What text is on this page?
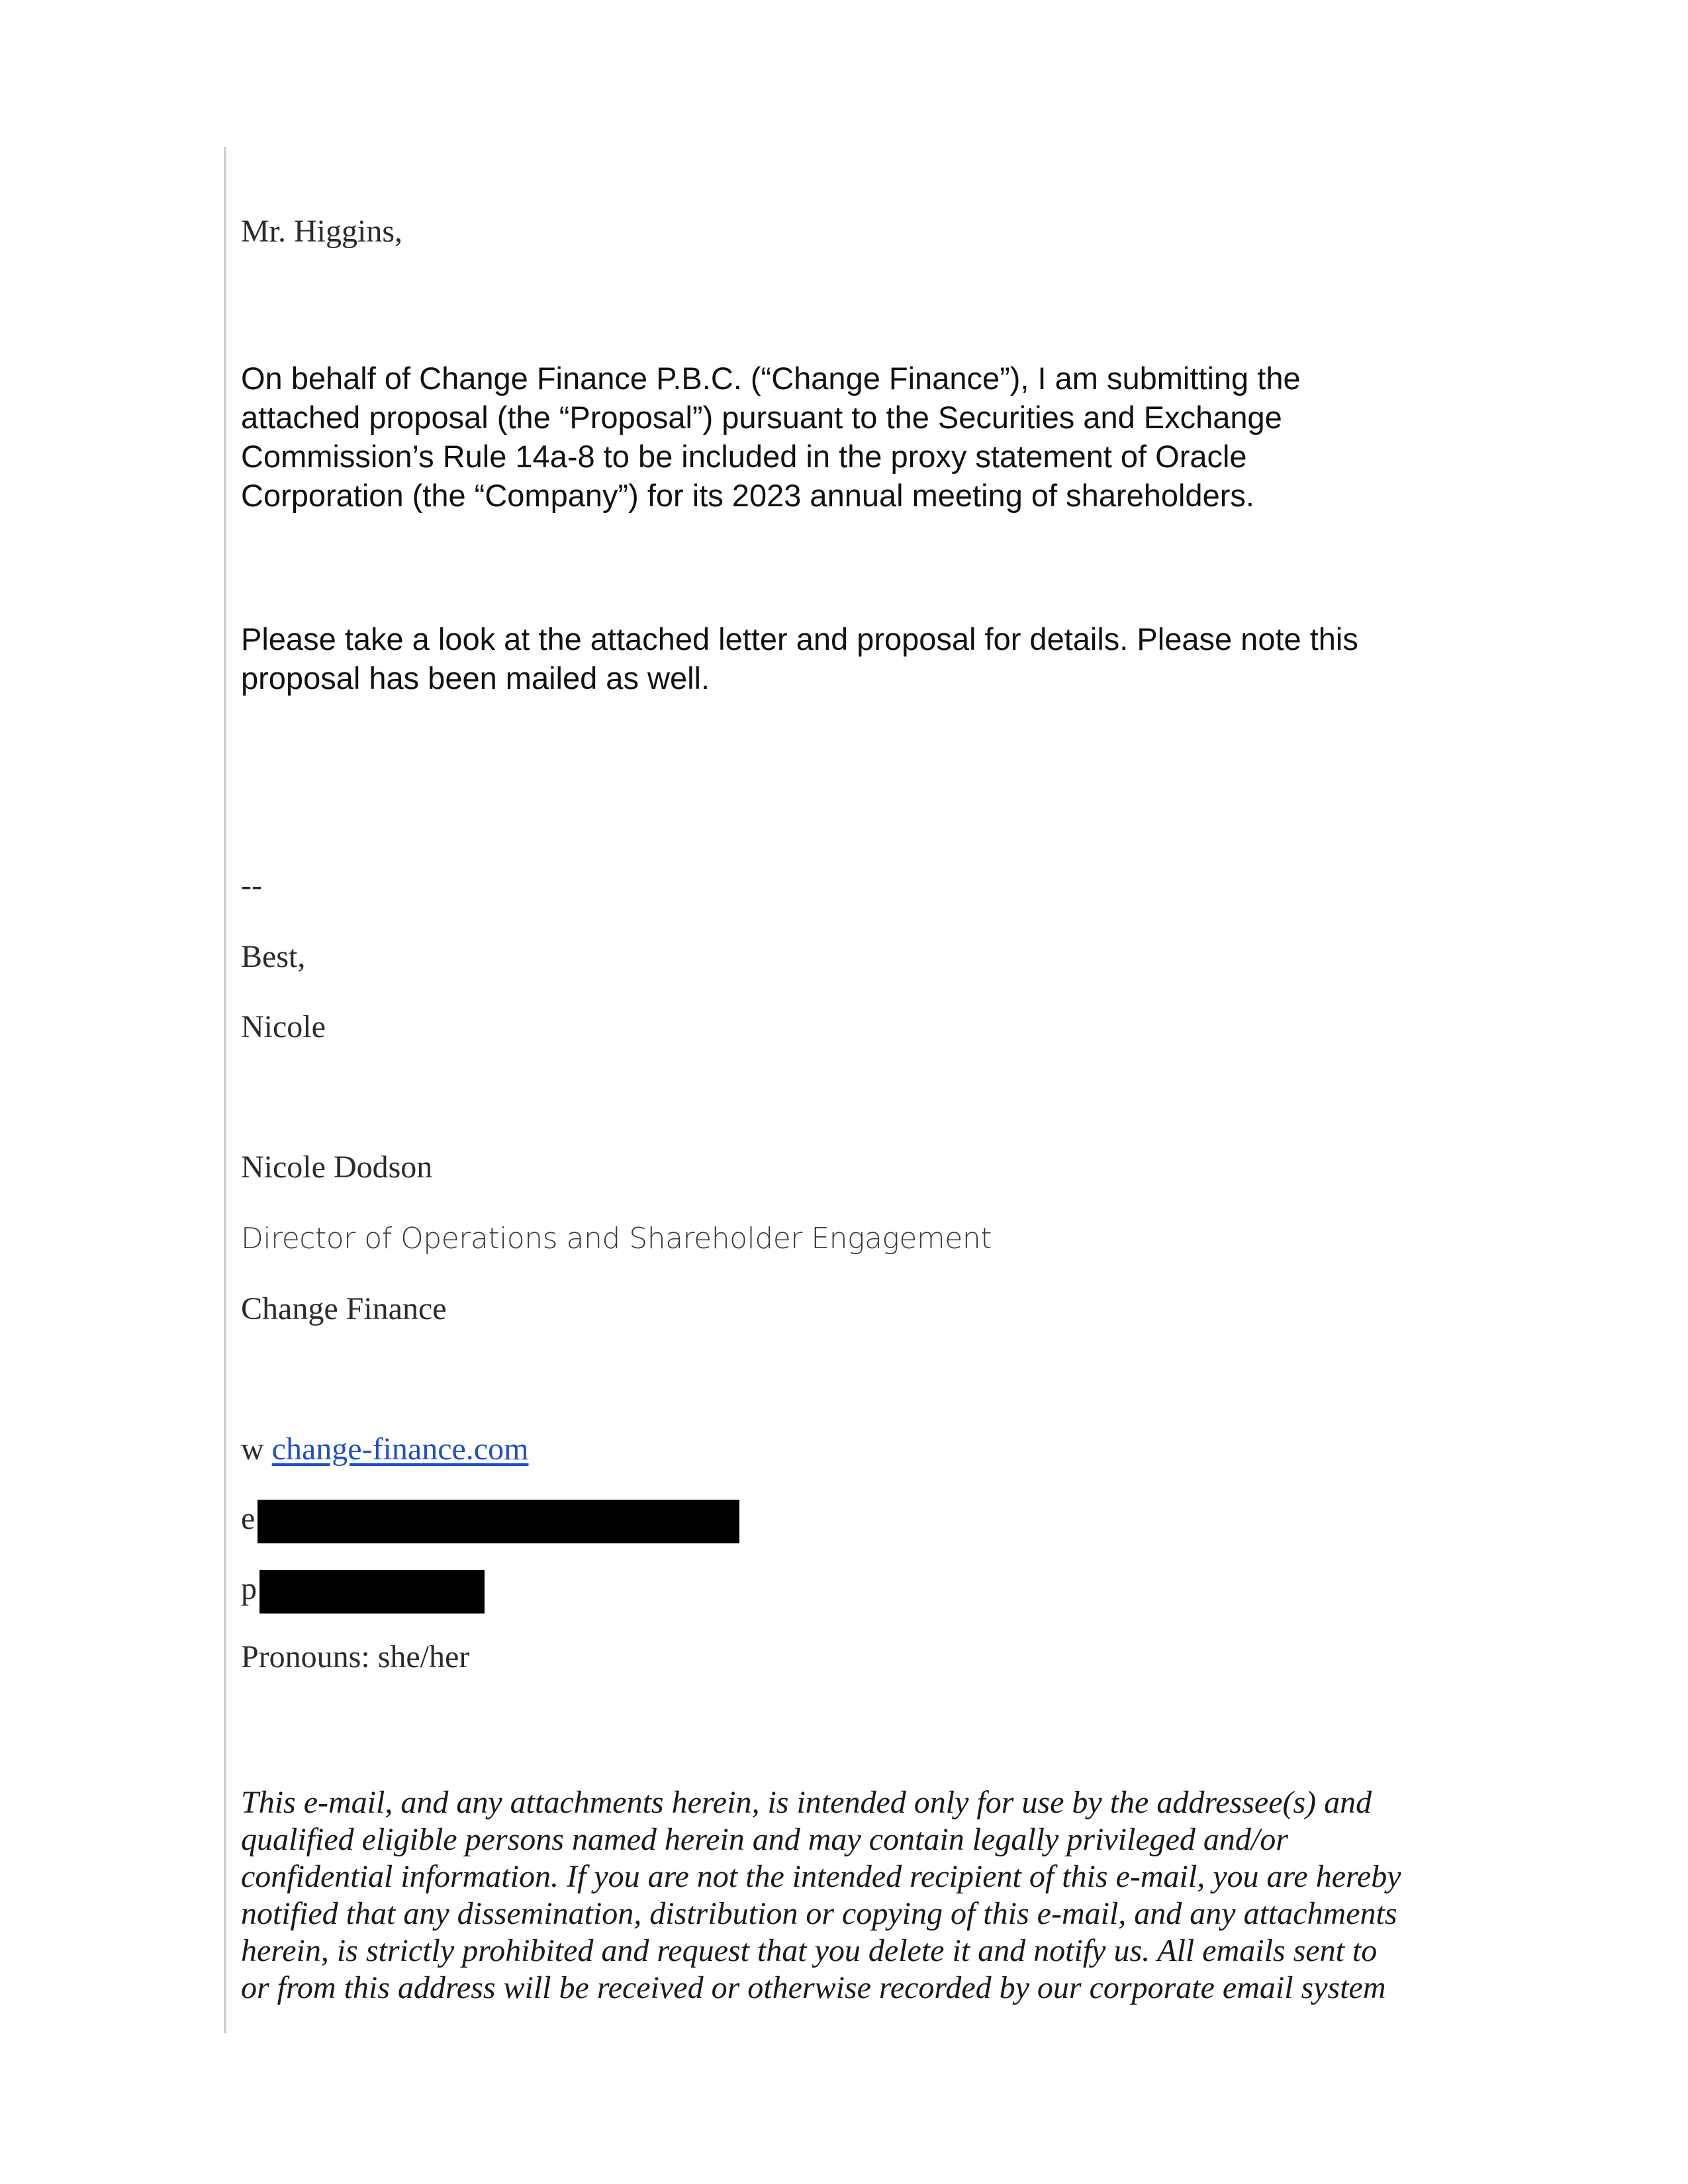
Mr. Higgins,

On behalf of Change Finance P.B.C. (“Change Finance”), I am submitting the
attached proposal (the “Proposal”) pursuant to the Securities and Exchange
Commission’s Rule 14a-8 to be included in the proxy statement of Oracle
Corporation (the “Company”) for its 2023 annual meeting of shareholders.
Please take a look at the attached letter and proposal for details. Please note this
proposal has been mailed as well.

--

Best,

Nicole

Nicole Dodson

Director of Operations and Shareholder Engagement

Change Finance

w change-finance.com

e

p

Pronouns: she/her

This e-mail, and any attachments herein, is intended only for use by the addressee(s) and
qualified eligible persons named herein and may contain legally privileged and/or
confidential information. If you are not the intended recipient of this e-mail, you are hereby
notified that any dissemination, distribution or copying of this e-mail, and any attachments
herein, is strictly prohibited and request that you delete it and notify us. All emails sent to
or from this address will be received or otherwise recorded by our corporate email system
